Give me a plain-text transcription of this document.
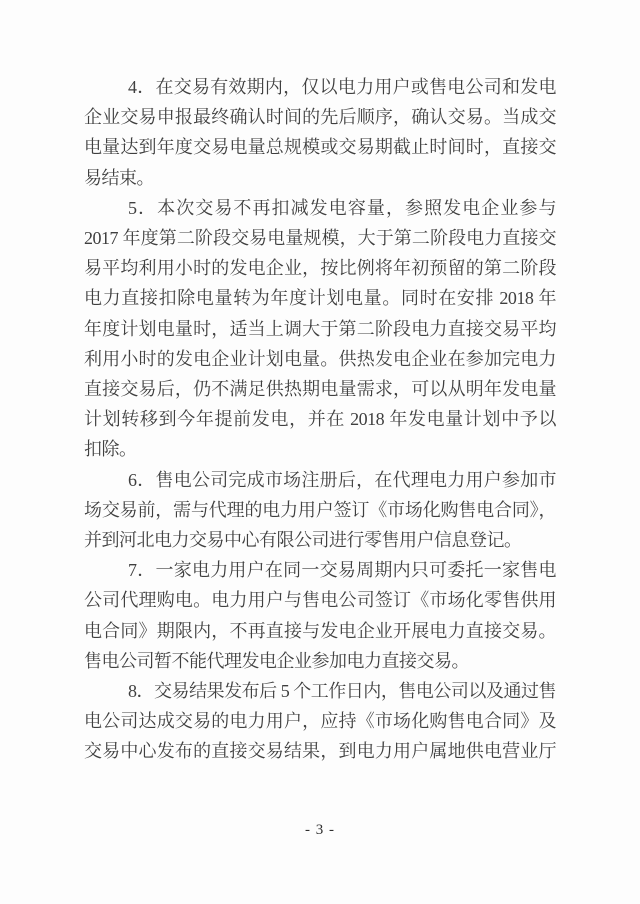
4．在交易有效期内，仅以电力用户或售电公司和发电
企业交易申报最终确认时间的先后顺序，确认交易。当成交
电量达到年度交易电量总规模或交易期截止时间时，直接交
易结束。
5．本次交易不再扣减发电容量，参照发电企业参与
2017 年度第二阶段交易电量规模，大于第二阶段电力直接交
易平均利用小时的发电企业，按比例将年初预留的第二阶段
电力直接扣除电量转为年度计划电量。同时在安排 2018 年
年度计划电量时，适当上调大于第二阶段电力直接交易平均
利用小时的发电企业计划电量。供热发电企业在参加完电力
直接交易后，仍不满足供热期电量需求，可以从明年发电量
计划转移到今年提前发电，并在 2018 年发电量计划中予以
扣除。
6．售电公司完成市场注册后，在代理电力用户参加市
场交易前，需与代理的电力用户签订《市场化购售电合同》，
并到河北电力交易中心有限公司进行零售用户信息登记。
7．一家电力用户在同一交易周期内只可委托一家售电
公司代理购电。电力用户与售电公司签订《市场化零售供用
电合同》期限内，不再直接与发电企业开展电力直接交易。
售电公司暂不能代理发电企业参加电力直接交易。
8．交易结果发布后 5 个工作日内，售电公司以及通过售
电公司达成交易的电力用户，应持《市场化购售电合同》及
交易中心发布的直接交易结果，到电力用户属地供电营业厅
- 3 -
